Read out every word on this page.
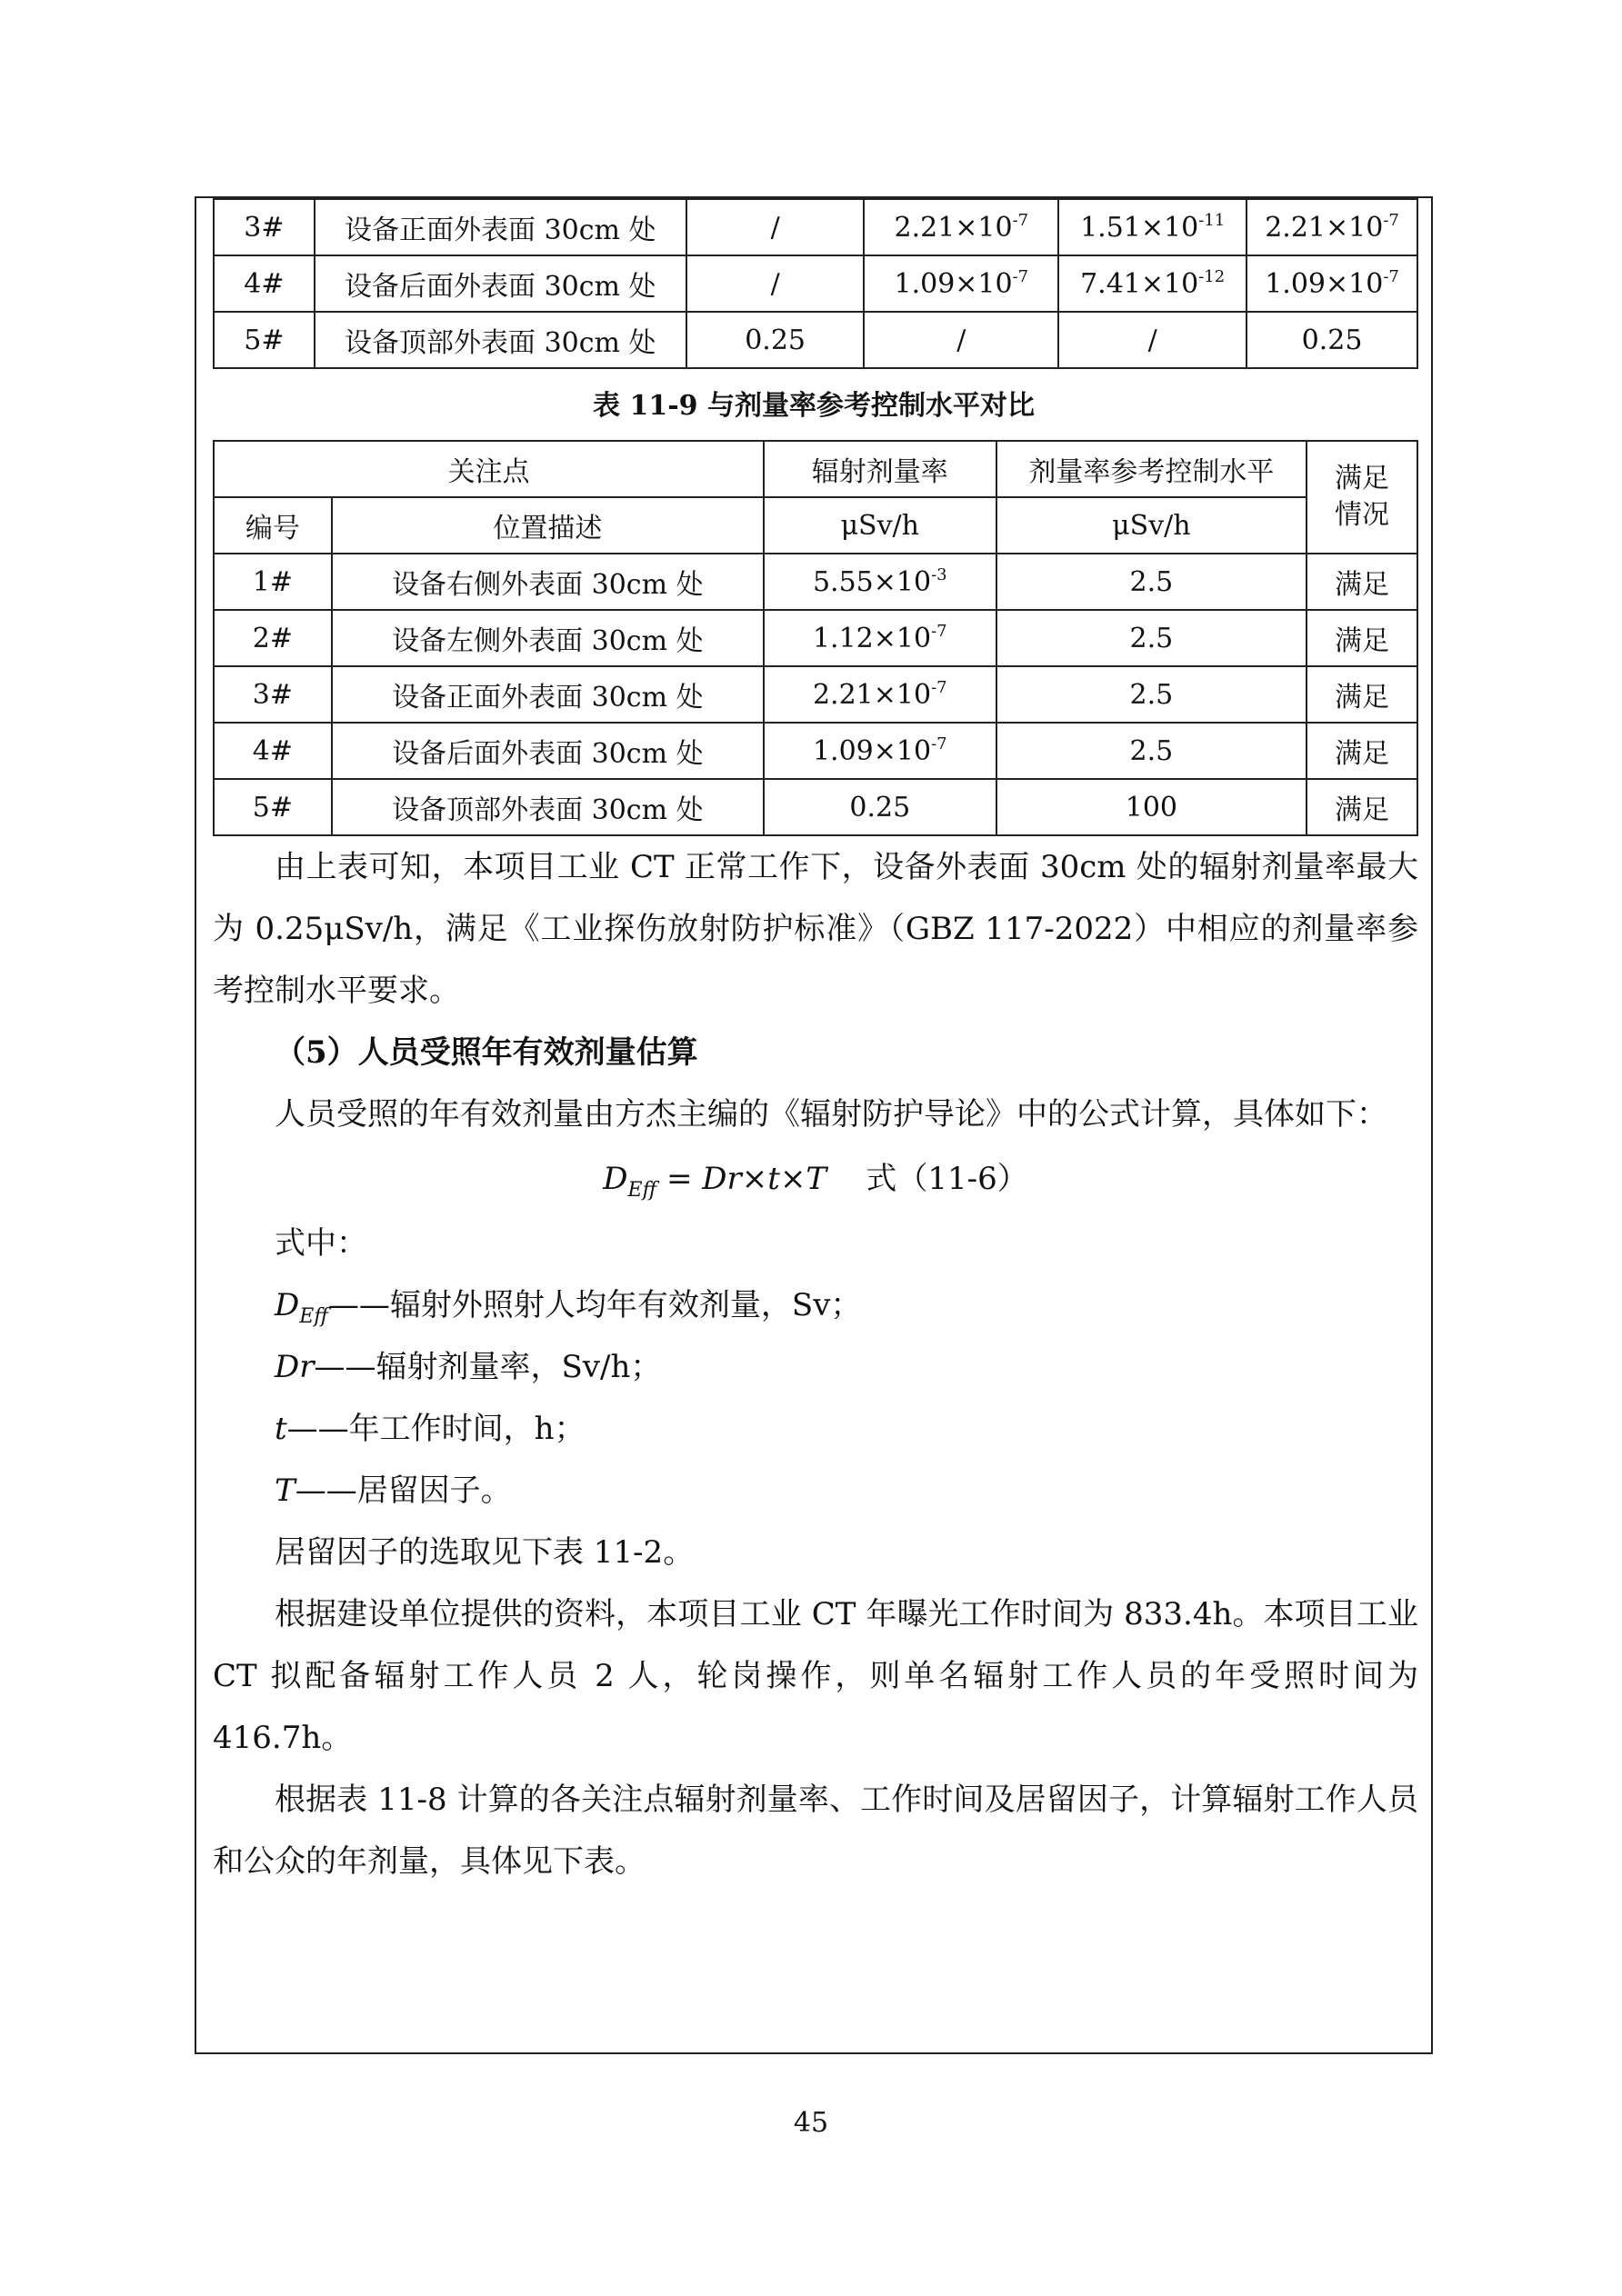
3#	设备正面外表面 30cm 处	/	$2.21\times 10^{-7}$	$1.51\times 10^{-11}$	$2.21\times 10^{-7}$
4#	设备后面外表面 30cm 处	/	$1.09\times 10^{-7}$	$7.41\times 10^{-12}$	$1.09\times 10^{-7}$
5#	设备顶部外表面 30cm 处	0.25	/	/	0.25
表 11-9 与剂量率参考控制水平对比
关注点		辐射剂量率	剂量率参考控制水平	满足情况
编号	位置描述	μSv/h	μSv/h	
1#	设备右侧外表面 30cm 处	$5.55\times 10^{-3}$	2.5	满足
2#	设备左侧外表面 30cm 处	$1.12\times 10^{-7}$	2.5	满足
3#	设备正面外表面 30cm 处	$2.21\times 10^{-7}$	2.5	满足
4#	设备后面外表面 30cm 处	$1.09\times 10^{-7}$	2.5	满足
5#	设备顶部外表面 30cm 处	0.25	100	满足

由上表可知，本项目工业 CT 正常工作下，设备外表面 30cm 处的辐射剂量率最大为 0.25μSv/h，满足《工业探伤放射防护标准》（GBZ 117-2022）中相应的剂量率参考控制水平要求。

（5）人员受照年有效剂量估算

人员受照的年有效剂量由方杰主编的《辐射防护导论》中的公式计算，具体如下：

$D_{Eff} = Dr\times t\times T$ 式（11-6）

式中：

$D_{Eff}——$辐射外照射人均年有效剂量，Sv；

Dr——辐射剂量率，Sv/h；

t——年工作时间，h；

T——居留因子。

居留因子的选取见下表 11-2。

根据建设单位提供的资料，本项目工业 CT 年曝光工作时间为 833.4h。本项目工业 CT 拟配备辐射工作人员 2 人，轮岗操作，则单名辐射工作人员的年受照时间为 416.7h。

根据表 11-8 计算的各关注点辐射剂量率、工作时间及居留因子，计算辐射工作人员和公众的年剂量，具体见下表。

45
